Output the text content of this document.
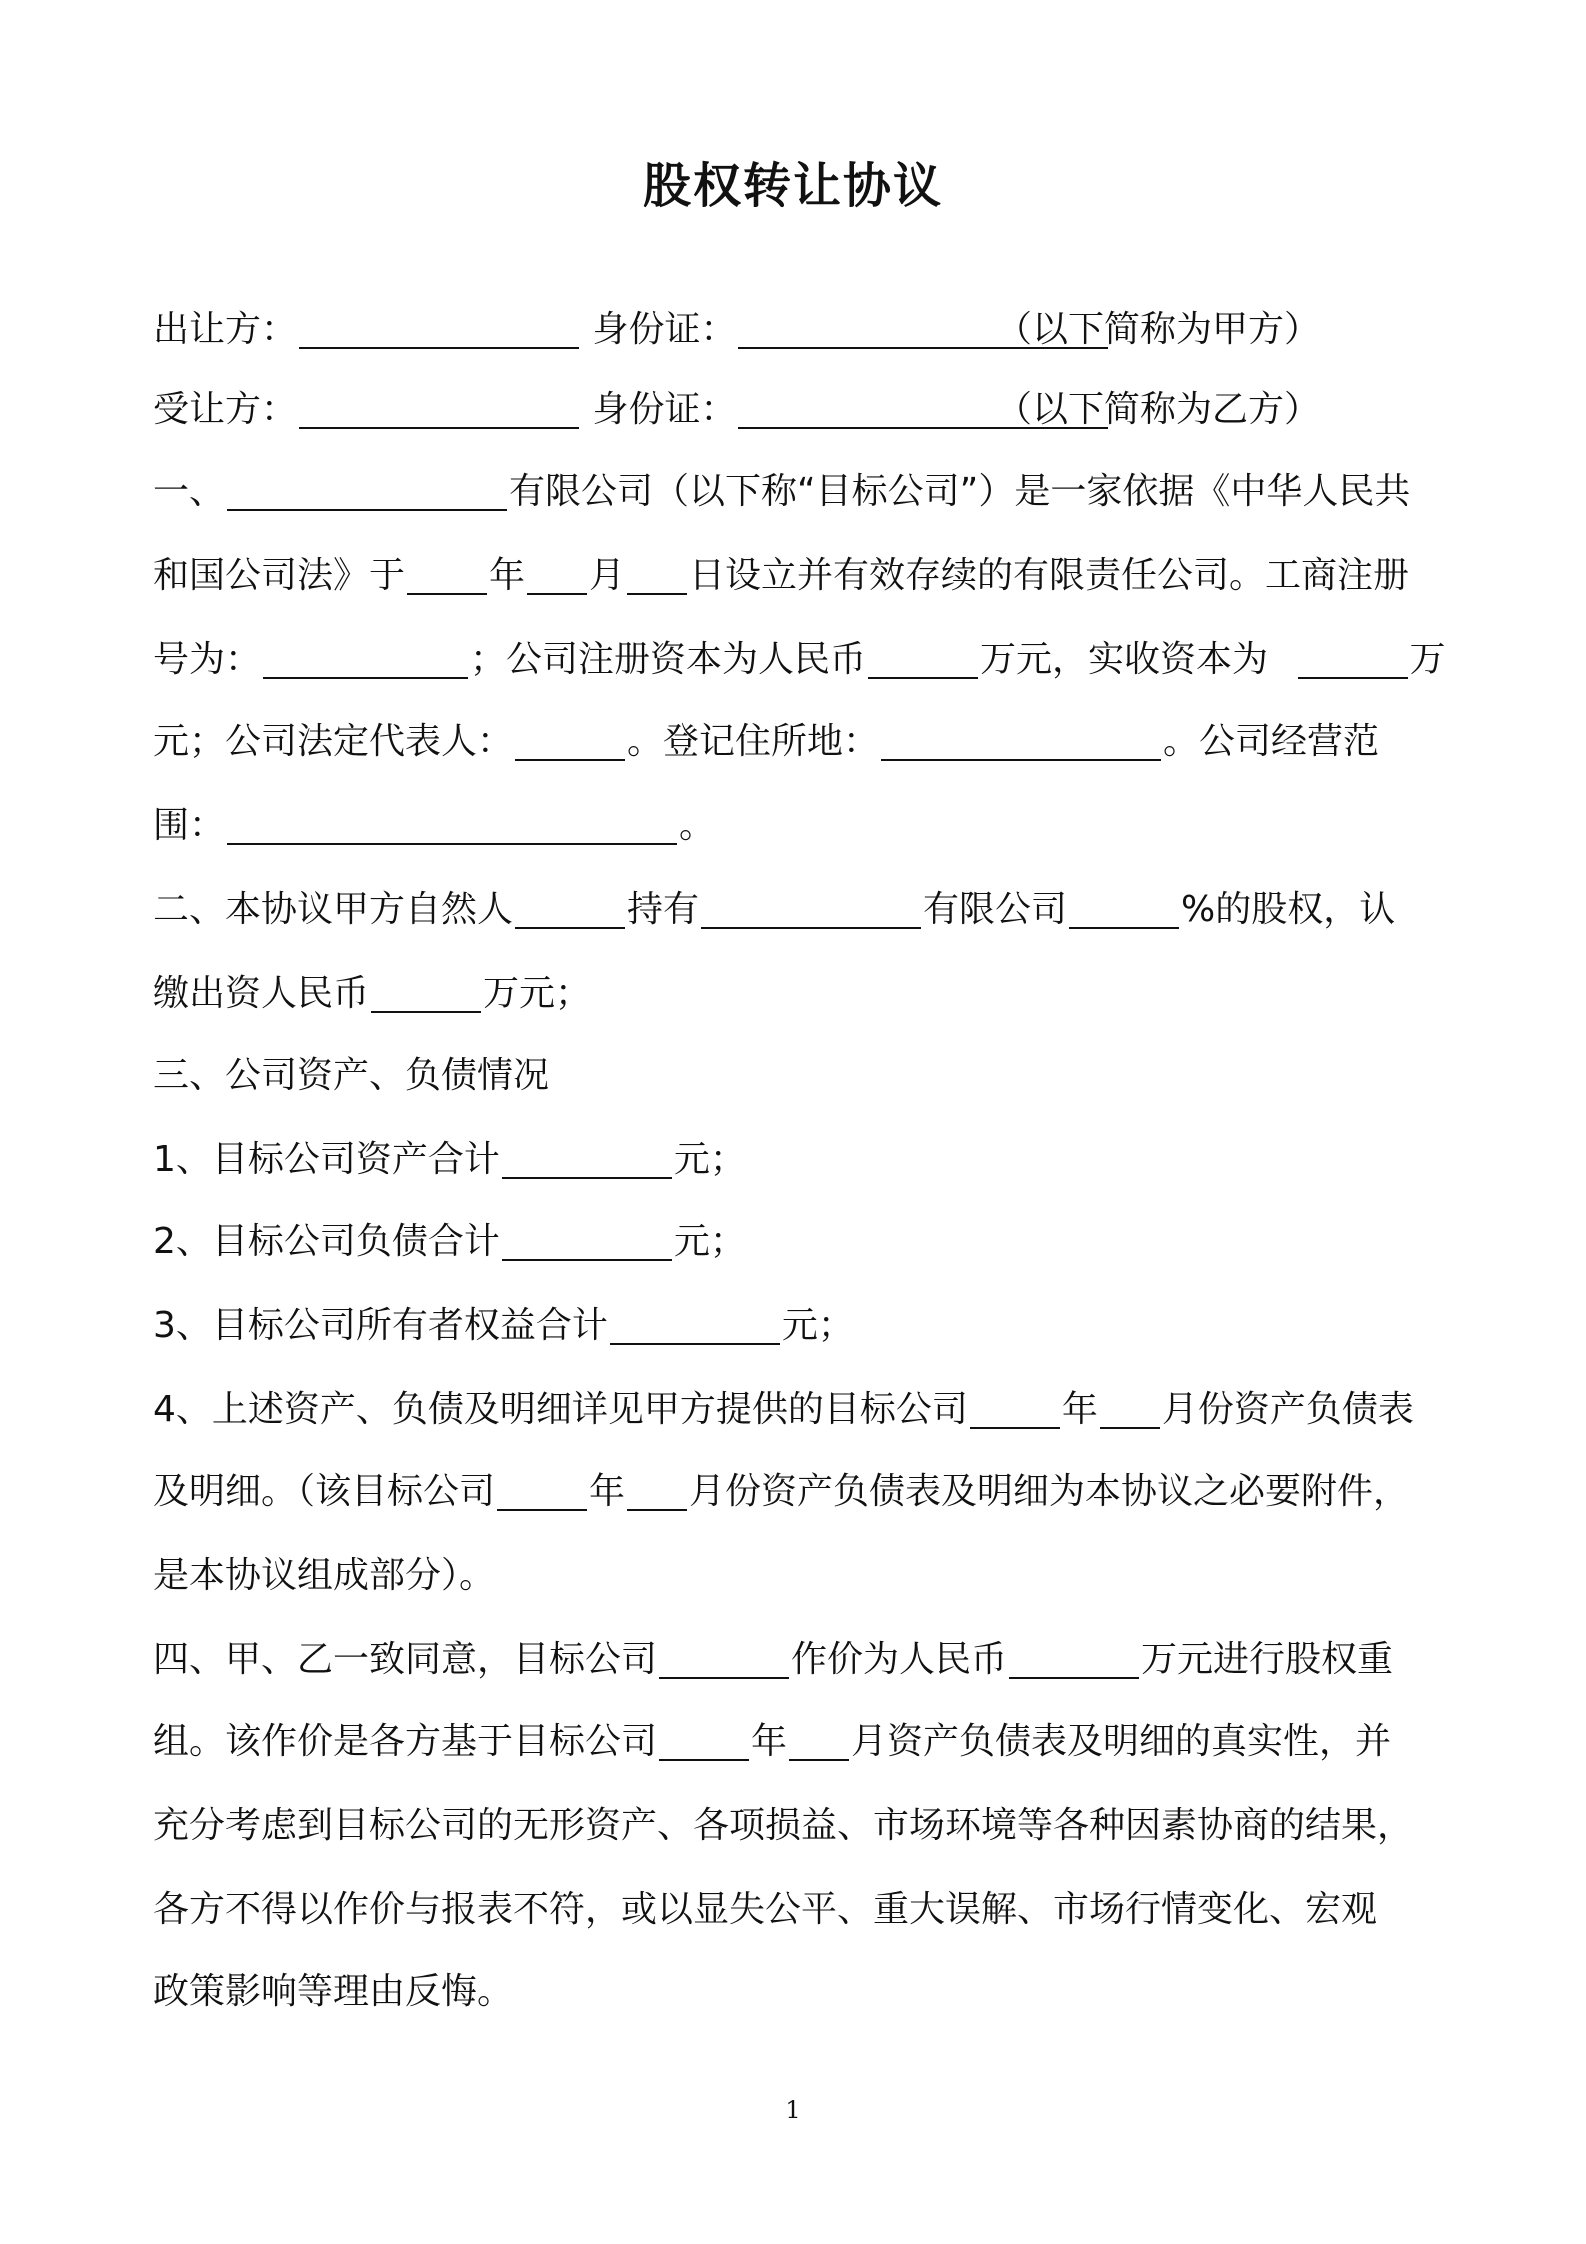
股权转让协议
出让方：	身份证：	（以下简称为甲方）
受让方：	身份证：	（以下简称为乙方）
一、	有限公司（以下称“目标公司”）是一家依据《中华人民共
和国公司法》于 年 月 日设立并有效存续的有限责任公司。工商注册
号为：	；公司注册资本为人民币	万元，实收资本为	万
元；公司法定代表人：	。登记住所地：	。公司经营范
围：	。
二、本协议甲方自然人	持有	有限公司	%的股权，认
缴出资人民币	万元；
三、公司资产、负债情况
1、目标公司资产合计	元；
2、目标公司负债合计	元；
3、目标公司所有者权益合计	元；
4、上述资产、负债及明细详见甲方提供的目标公司	年 月份资产负债表
及明细。（该目标公司	年 月份资产负债表及明细为本协议之必要附件，
是本协议组成部分）。
四、甲、乙一致同意，目标公司	作价为人民币	万元进行股权重
组。该作价是各方基于目标公司	年 月资产负债表及明细的真实性，并
充分考虑到目标公司的无形资产、各项损益、市场环境等各种因素协商的结果，
各方不得以作价与报表不符，或以显失公平、重大误解、市场行情变化、宏观
政策影响等理由反悔。
1
